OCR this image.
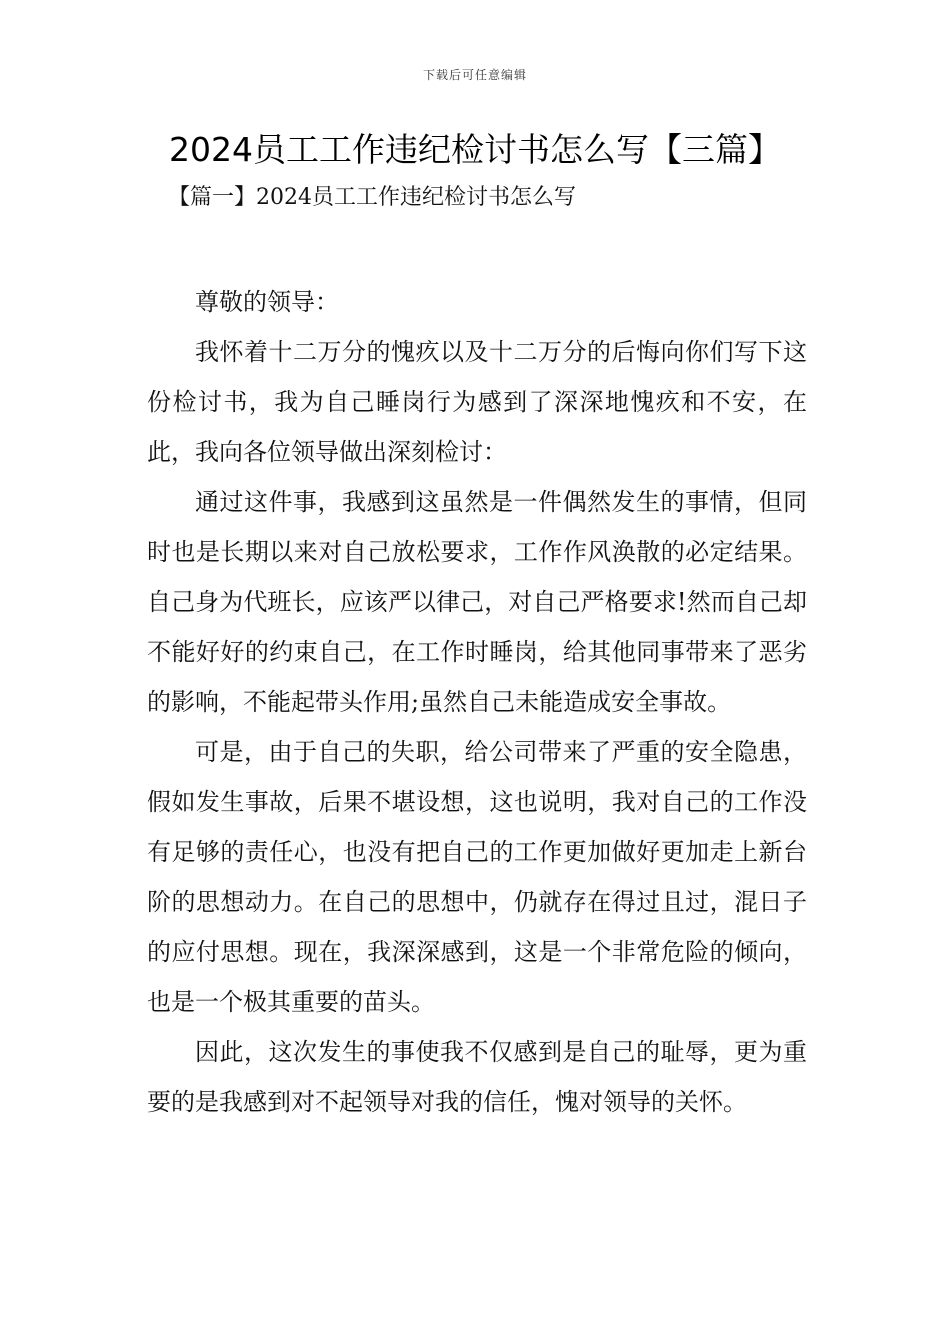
下载后可任意编辑
2024员工工作违纪检讨书怎么写【三篇】
【篇一】2024员工工作违纪检讨书怎么写

尊敬的领导：

我怀着十二万分的愧疚以及十二万分的后悔向你们写下这份检讨书，我为自己睡岗行为感到了深深地愧疚和不安，在此，我向各位领导做出深刻检讨：

通过这件事，我感到这虽然是一件偶然发生的事情，但同时也是长期以来对自己放松要求，工作作风涣散的必定结果。自己身为代班长，应该严以律己，对自己严格要求!然而自己却不能好好的约束自己，在工作时睡岗，给其他同事带来了恶劣的影响，不能起带头作用;虽然自己未能造成安全事故。

可是，由于自己的失职，给公司带来了严重的安全隐患，假如发生事故，后果不堪设想，这也说明，我对自己的工作没有足够的责任心，也没有把自己的工作更加做好更加走上新台阶的思想动力。在自己的思想中，仍就存在得过且过，混日子的应付思想。现在，我深深感到，这是一个非常危险的倾向，也是一个极其重要的苗头。

因此，这次发生的事使我不仅感到是自己的耻辱，更为重要的是我感到对不起领导对我的信任，愧对领导的关怀。
